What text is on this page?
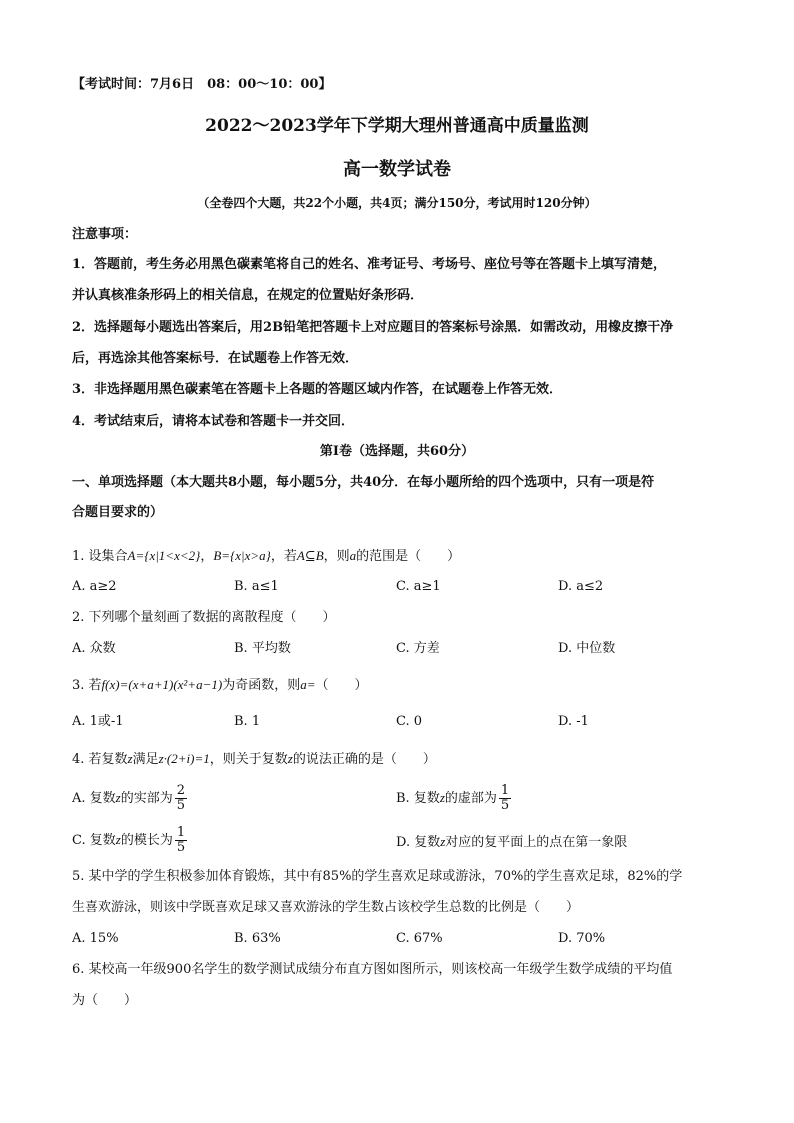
【考试时间：7月6日　08：00～10：00】
2022～2023学年下学期大理州普通高中质量监测
高一数学试卷
（全卷四个大题，共22个小题，共4页；满分150分，考试用时120分钟）
注意事项：
1．答题前，考生务必用黑色碳素笔将自己的姓名、准考证号、考场号、座位号等在答题卡上填写清楚，
并认真核准条形码上的相关信息，在规定的位置贴好条形码．
2．选择题每小题选出答案后，用2B铅笔把答题卡上对应题目的答案标号涂黑．如需改动，用橡皮擦干净
后，再选涂其他答案标号．在试题卷上作答无效．
3．非选择题用黑色碳素笔在答题卡上各题的答题区域内作答，在试题卷上作答无效．
4．考试结束后，请将本试卷和答题卡一并交回．
第Ⅰ卷（选择题，共60分）
一、单项选择题（本大题共8小题，每小题5分，共40分．在每小题所给的四个选项中，只有一项是符
合题目要求的）
1. 设集合A={x|1<x<2}，B={x|x>a}，若A⊆B，则a的范围是（　　）
A. a≥2	B. a≤1	C. a≥1	D. a≤2
2. 下列哪个量刻画了数据的离散程度（　　）
A. 众数	B. 平均数	C. 方差	D. 中位数
3. 若f(x)=(x+a+1)(x²+a−1)为奇函数，则a=（　　）
A. 1或-1	B. 1	C. 0	D. -1
4. 若复数z满足z·(2+i)=1，则关于复数z的说法正确的是（　　）
A. 复数z的实部为 $\frac{2}{5}$	B. 复数z的虚部为 $\frac{1}{5}$
C. 复数z的模长为 $\frac{1}{5}$	D. 复数z对应的复平面上的点在第一象限
5. 某中学的学生积极参加体育锻炼，其中有85%的学生喜欢足球或游泳，70%的学生喜欢足球，82%的学
生喜欢游泳，则该中学既喜欢足球又喜欢游泳的学生数占该校学生总数的比例是（　　）
A. 15%	B. 63%	C. 67%	D. 70%
6. 某校高一年级900名学生的数学测试成绩分布直方图如图所示，则该校高一年级学生数学成绩的平均值
为（　　）
